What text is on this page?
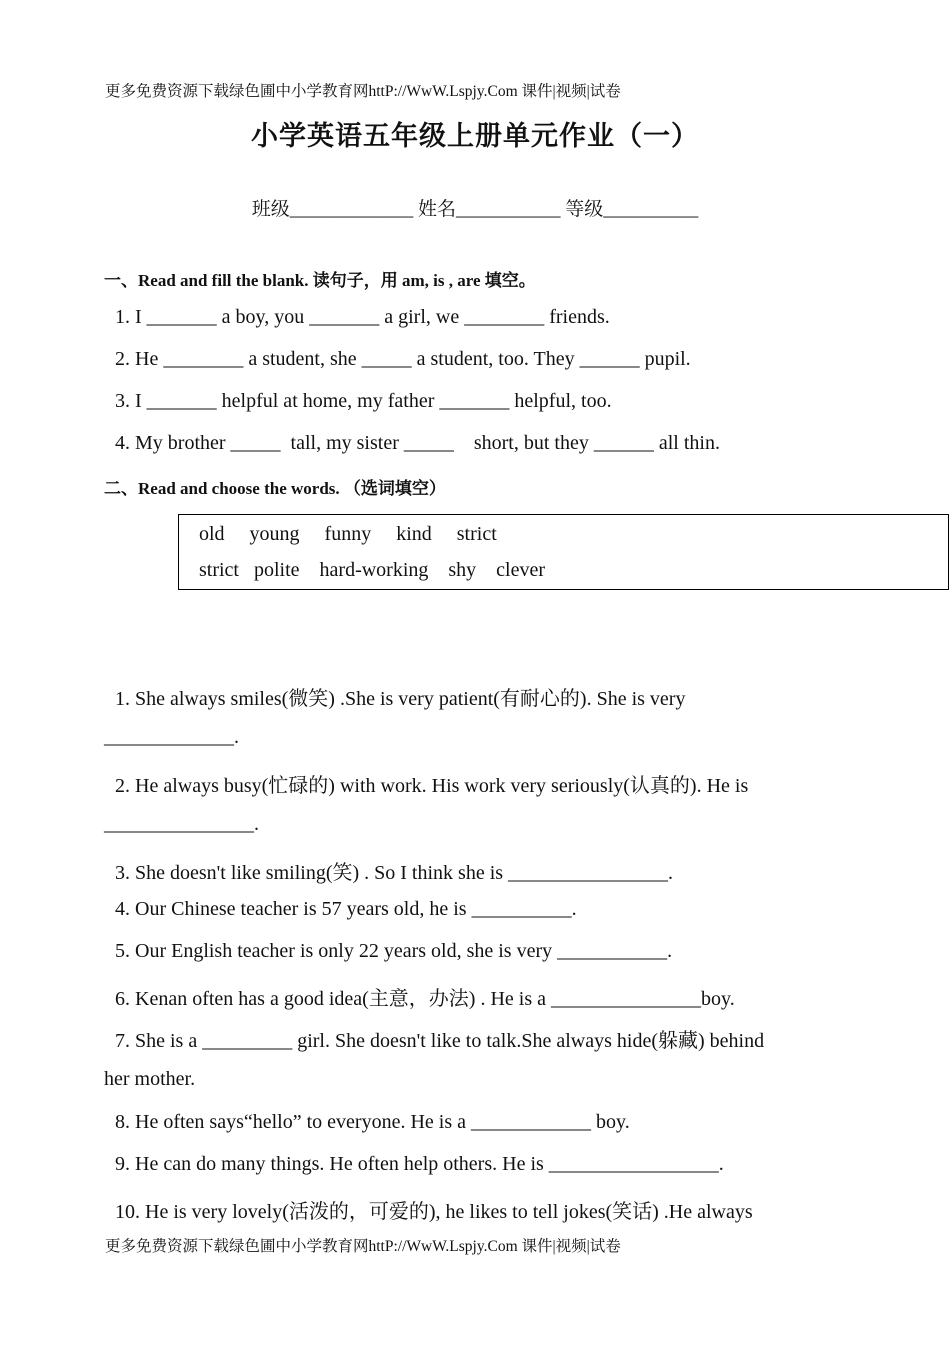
更多免费资源下载绿色圃中小学教育网httP://WwW.Lspjy.Com 课件|视频|试卷
小学英语五年级上册单元作业（一）
班级_____________ 姓名___________ 等级__________
一、Read and fill the blank. 读句子，用 am, is , are 填空。
1. I _______ a boy, you _______ a girl, we ________ friends.
2. He ________ a student, she _____ a student, too. They ______ pupil.
3. I _______ helpful at home, my father _______ helpful, too.
4. My brother _____  tall, my sister _____    short, but they ______ all thin.
二、Read and choose the words. （选词填空）
old     young     funny     kind     strict
strict   polite    hard-working    shy    clever
1. She always smiles(微笑) .She is very patient(有耐心的). She is very
_____________.
2. He always busy(忙碌的) with work. His work very seriously(认真的). He is
_______________.
3. She doesn't like smiling(笑) . So I think she is ________________.
4. Our Chinese teacher is 57 years old, he is __________.
5. Our English teacher is only 22 years old, she is very ___________.
6. Kenan often has a good idea(主意，办法) . He is a _______________boy.
7. She is a _________ girl. She doesn't like to talk.She always hide(躲藏) behind
her mother.
8. He often says“hello” to everyone. He is a ____________ boy.
9. He can do many things. He often help others. He is _________________.
10. He is very lovely(活泼的，可爱的), he likes to tell jokes(笑话) .He always
更多免费资源下载绿色圃中小学教育网httP://WwW.Lspjy.Com 课件|视频|试卷
